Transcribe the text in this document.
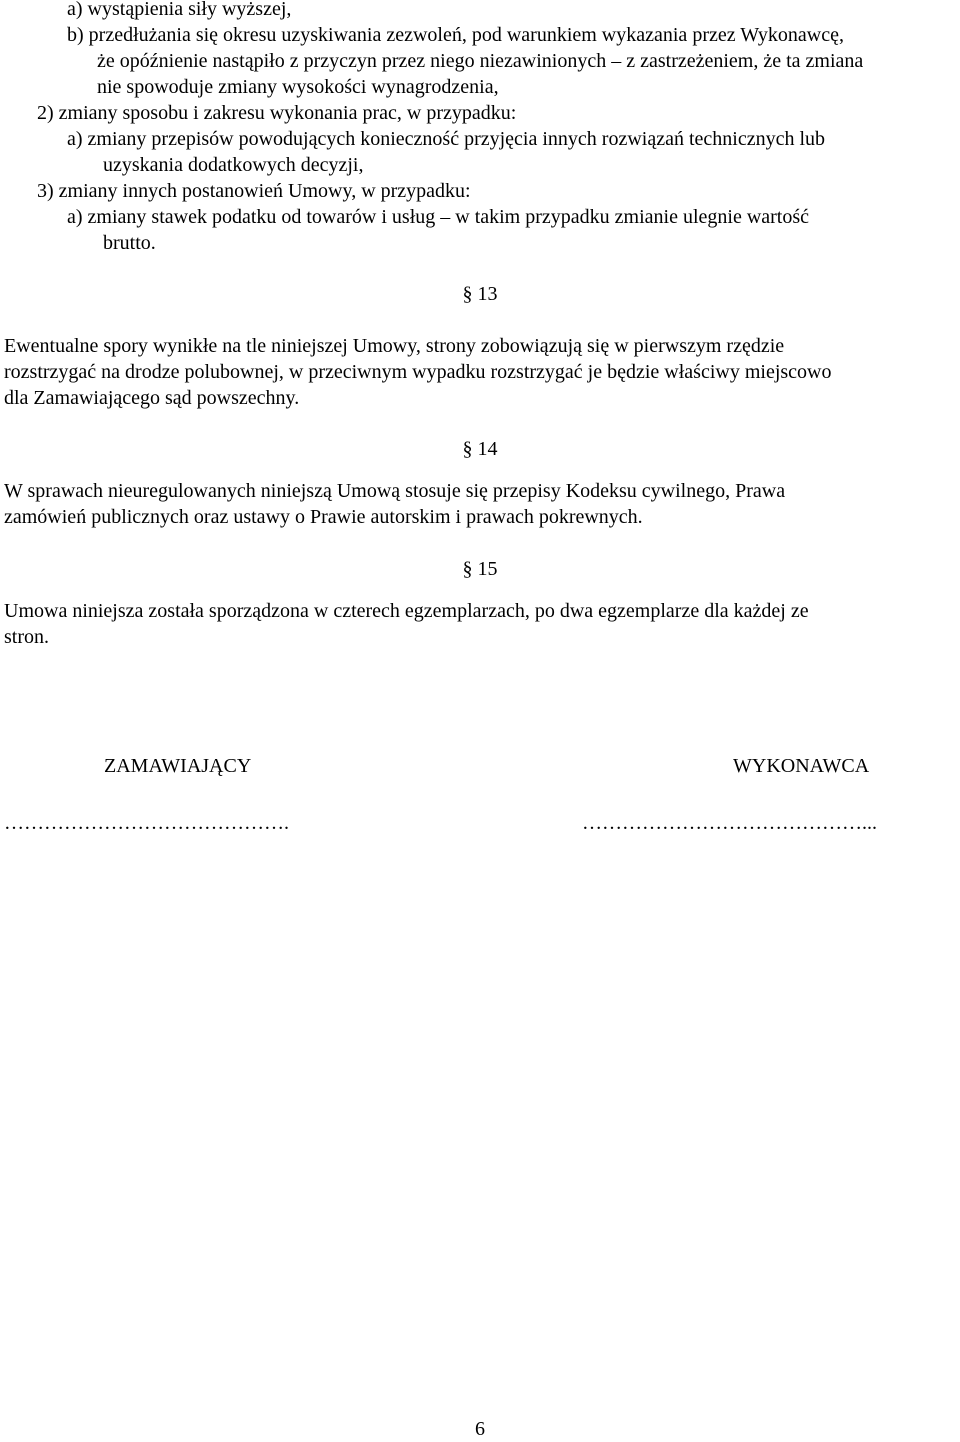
a) wystąpienia siły wyższej,
b) przedłużania się okresu uzyskiwania zezwoleń, pod warunkiem wykazania przez Wykonawcę,
że opóźnienie nastąpiło z przyczyn przez niego niezawinionych – z zastrzeżeniem, że ta zmiana
nie spowoduje zmiany wysokości wynagrodzenia,
2) zmiany sposobu i zakresu wykonania prac, w przypadku:
a) zmiany przepisów powodujących konieczność przyjęcia innych rozwiązań technicznych lub
uzyskania dodatkowych decyzji,
3) zmiany innych postanowień Umowy, w przypadku:
a) zmiany stawek podatku od towarów i usług – w takim przypadku zmianie ulegnie wartość
brutto.
§ 13
Ewentualne spory wynikłe na tle niniejszej Umowy, strony zobowiązują się w pierwszym rzędzie
rozstrzygać na drodze polubownej, w przeciwnym wypadku rozstrzygać je będzie właściwy miejscowo
dla Zamawiającego sąd powszechny.
§ 14
W sprawach nieuregulowanych niniejszą Umową stosuje się przepisy Kodeksu cywilnego, Prawa
zamówień publicznych oraz ustawy o Prawie autorskim i prawach pokrewnych.
§ 15
Umowa niniejsza została sporządzona w czterech egzemplarzach, po dwa egzemplarze dla każdej ze
stron.
ZAMAWIAJĄCY	WYKONAWCA
…………………………………….	……………………………………...
6
